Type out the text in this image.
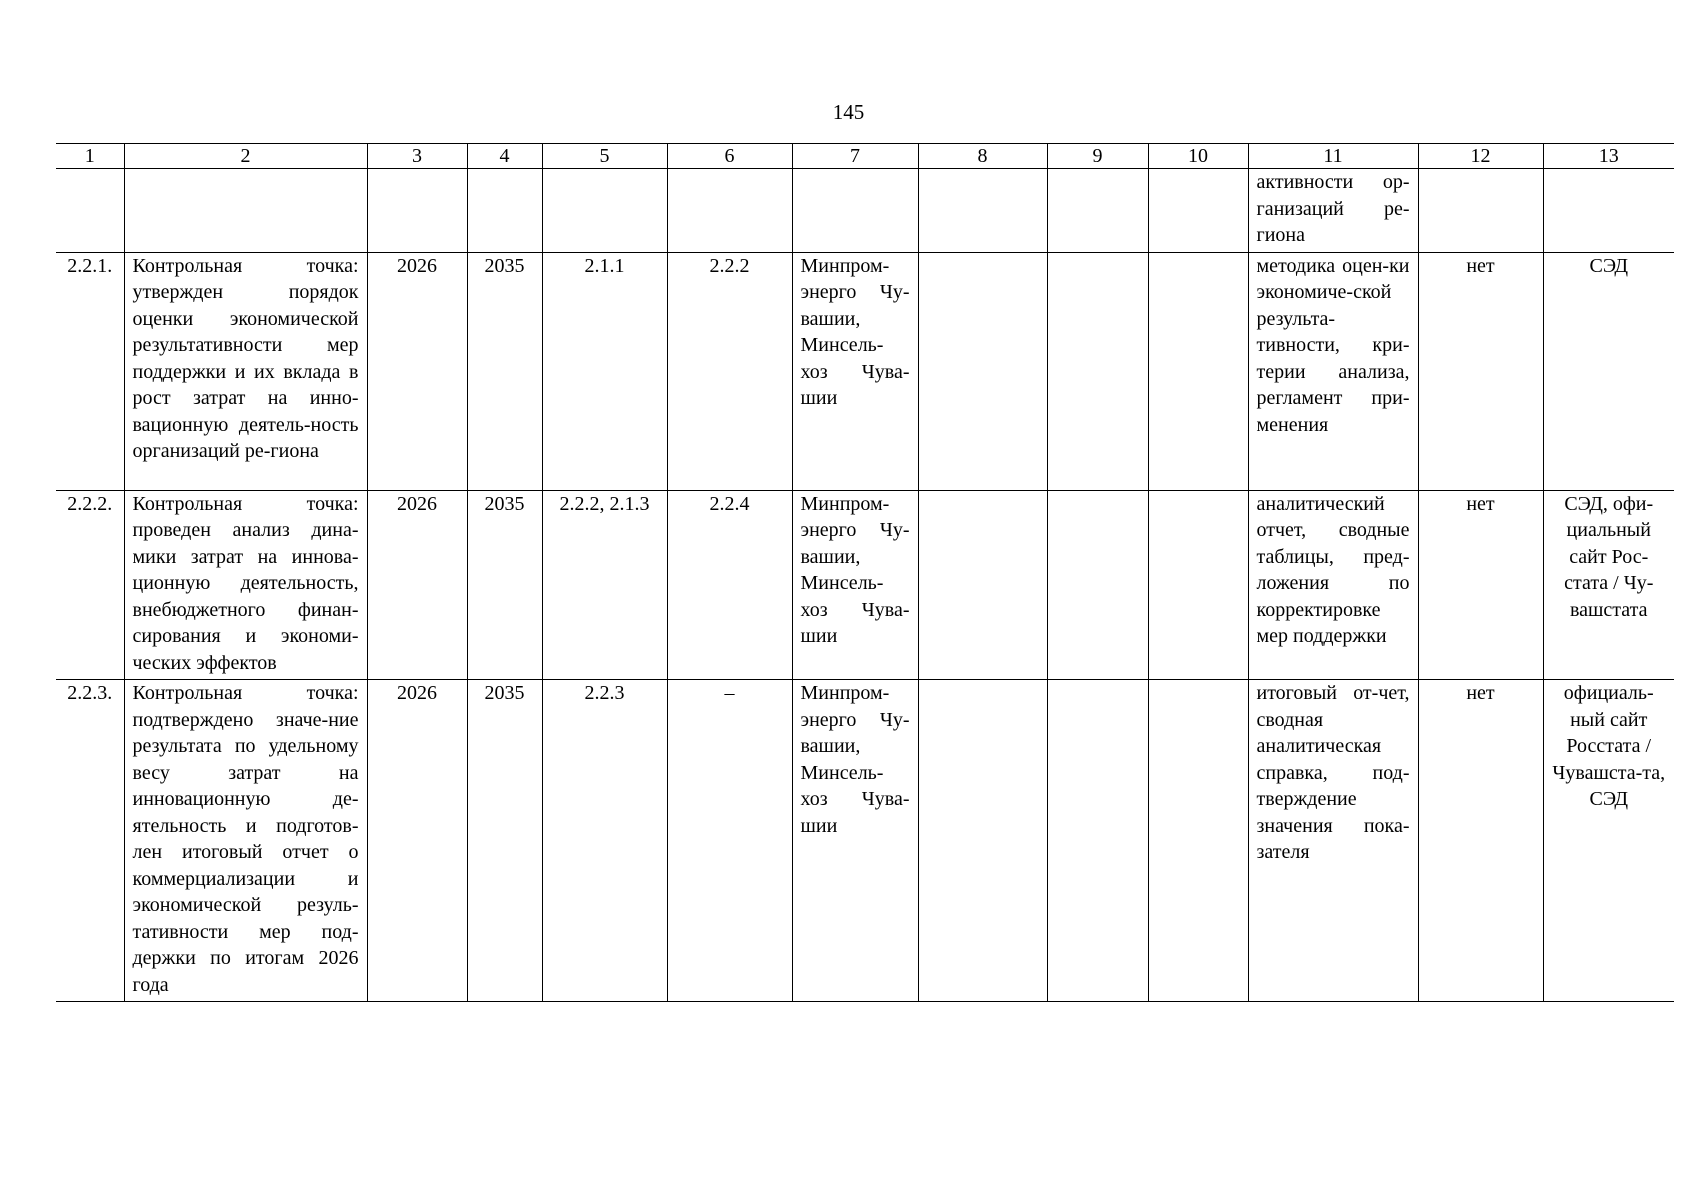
145
1	2	3	4	5	6	7	8	9	10	11	12	13
										активности ор-ганизаций ре-гиона		
2.2.1.	Контрольная точка: утвержден порядок оценки экономической результативности мер поддержки и их вклада в рост затрат на инно-вационную деятель-ность организаций ре-гиона	2026	2035	2.1.1	2.2.2	Минпром-энерго Чу-вашии, Минсель-хоз Чува-шии				методика оцен-ки экономиче-ской результа-тивности, кри-терии анализа, регламент при-менения	нет	СЭД
2.2.2.	Контрольная точка: проведен анализ дина-мики затрат на иннова-ционную деятельность, внебюджетного финан-сирования и экономи-ческих эффектов	2026	2035	2.2.2, 2.1.3	2.2.4	Минпром-энерго Чу-вашии, Минсель-хоз Чува-шии				аналитический отчет, сводные таблицы, пред-ложения по корректировке мер поддержки	нет	СЭД, офи-циальный сайт Рос-стата / Чу-вашстата
2.2.3.	Контрольная точка: подтверждено значе-ние результата по удельному весу затрат на инновационную де-ятельность и подготов-лен итоговый отчет о коммерциализации и экономической резуль-тативности мер под-держки по итогам 2026 года	2026	2035	2.2.3	–	Минпром-энерго Чу-вашии, Минсель-хоз Чува-шии				итоговый от-чет, сводная аналитическая справка, под-тверждение значения пока-зателя	нет	официаль-ный сайт Росстата / Чувашста-та, СЭД
